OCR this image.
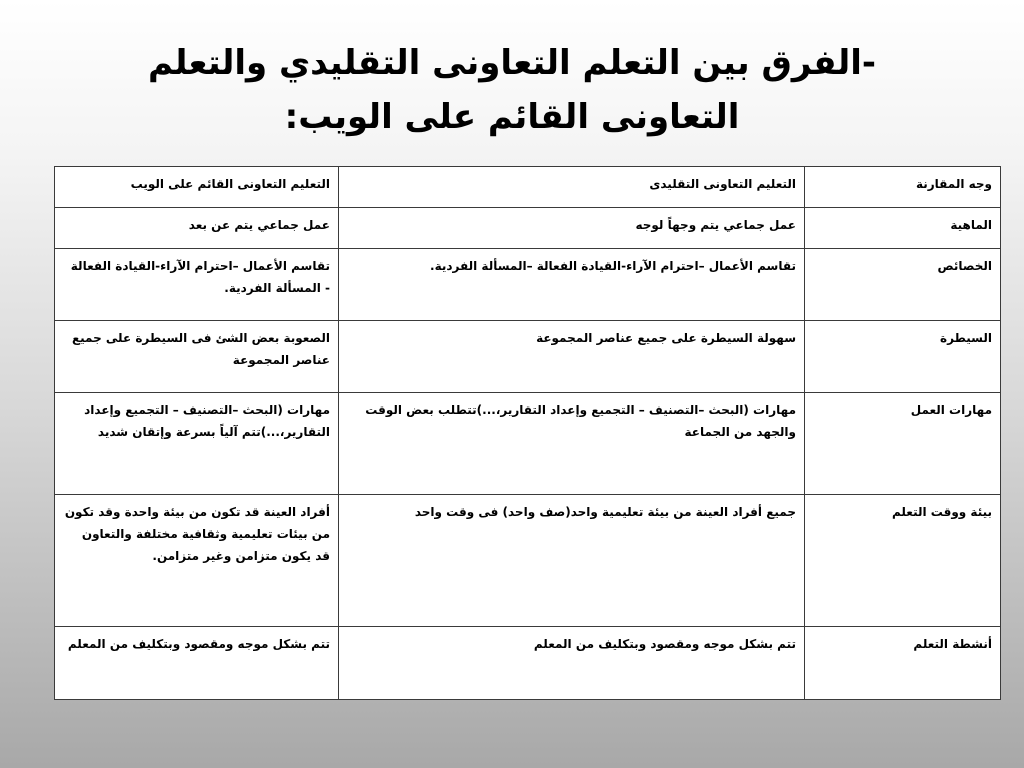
-الفرق بين التعلم التعاونى التقليدي والتعلم
التعاونى القائم على الويب:
وجه المقارنة	التعليم التعاونى التقليدى	التعليم التعاونى القائم على الويب
الماهية	عمل جماعي يتم وجهاً لوجه	عمل جماعي يتم عن بعد
الخصائص	تقاسم الأعمال –احترام الآراء-القيادة الفعالة –المسألة الفردية.	تقاسم الأعمال –احترام الآراء-القيادة الفعالة - المسألة الفردية.
السيطرة	سهولة السيطرة على جميع عناصر المجموعة	الصعوبة بعض الشئ فى السيطرة على جميع عناصر المجموعة
مهارات العمل	مهارات (البحث –التصنيف – التجميع وإعداد التقارير،...)تتطلب بعض الوقت والجهد من الجماعة	مهارات (البحث –التصنيف – التجميع وإعداد التقارير،...)تتم آلياً بسرعة وإتقان شديد
بيئة ووقت التعلم	جميع أفراد العينة من بيئة تعليمية واحد(صف واحد) فى وقت واحد	أفراد العينة قد تكون من بيئة واحدة وقد تكون من بيئات تعليمية وثقافية مختلفة والتعاون قد يكون متزامن وغير متزامن.
أنشطة التعلم	تتم بشكل موجه ومقصود وبتكليف من المعلم	تتم بشكل موجه ومقصود وبتكليف من المعلم
